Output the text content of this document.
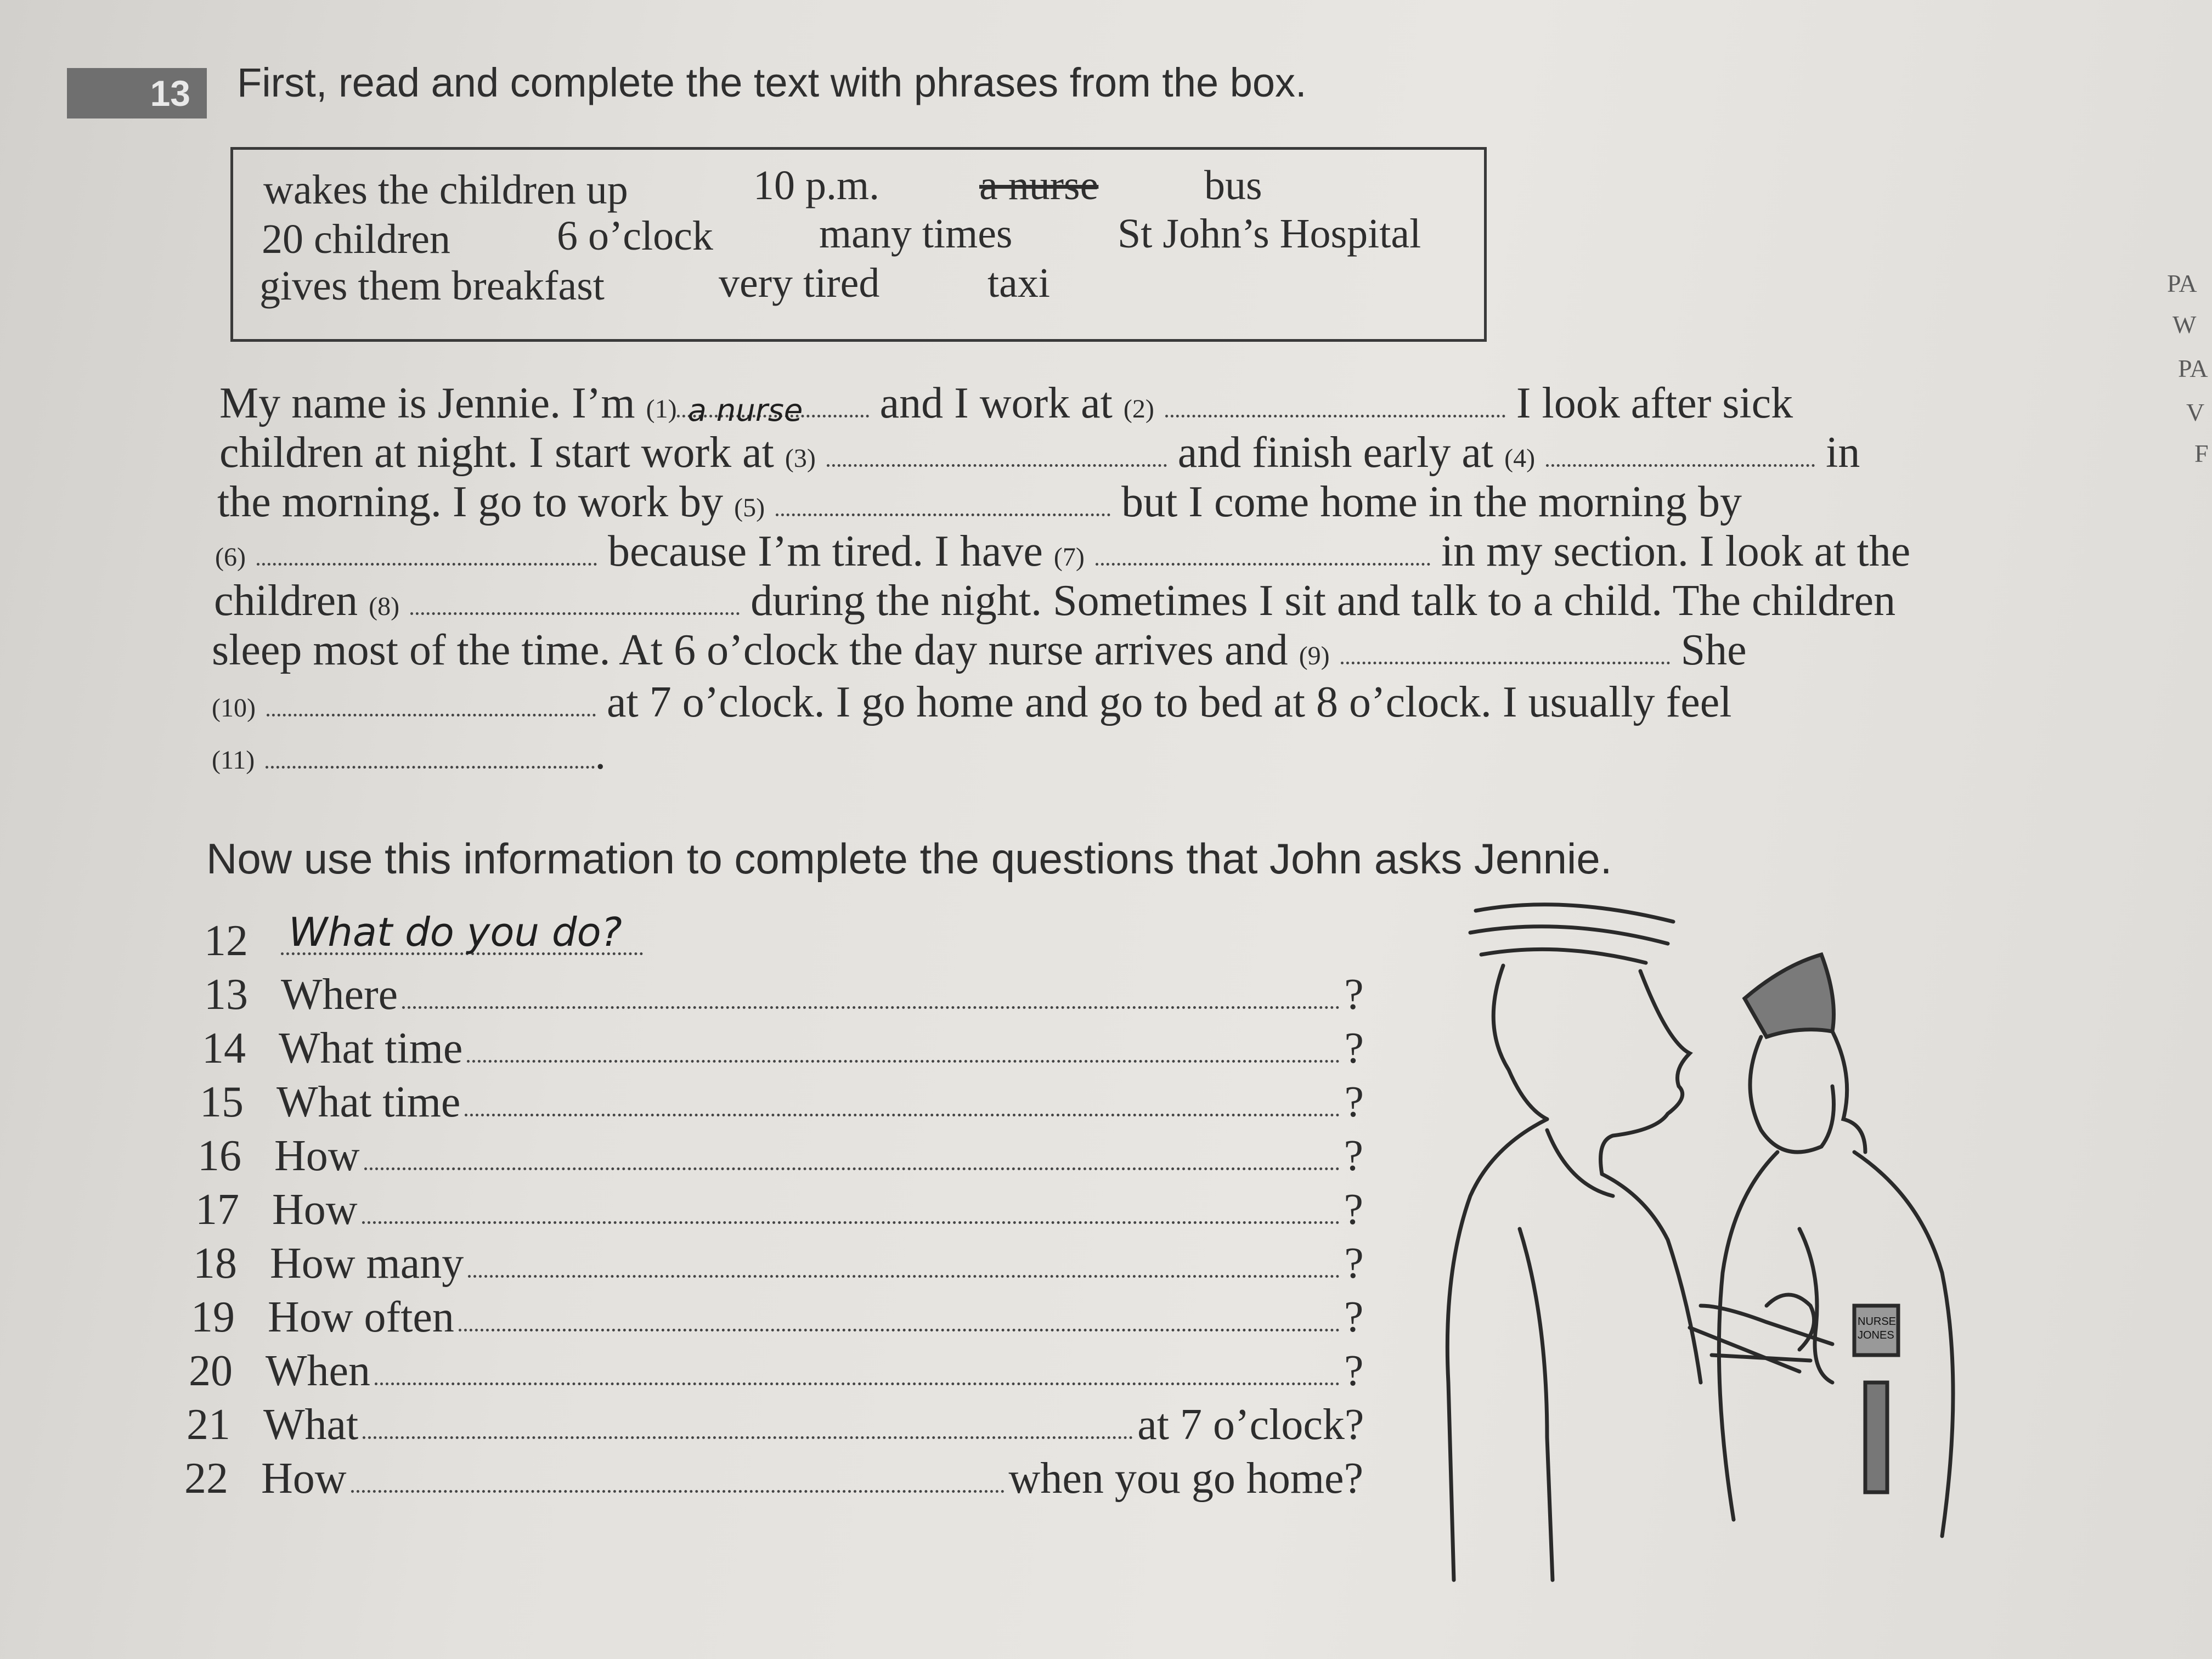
13 First, read and complete the text with phrases from the box.
wakes the children up	10 p.m. a nurse	bus
20 children	6 o’clock	many times	St John’s Hospital
gives them breakfast	very tired	taxi
My name is Jennie. I’m (1) a nurse and I work at (2)	I look after sick
children at night. I start work at (3)	and finish early at (4)	in
the morning. I go to work by (5)	but I come home in the morning by
(6)	because I’m tired. I have (7)	in my section. I look at the
children (8)	during the night. Sometimes I sit and talk to a child. The children
sleep most of the time. At 6 o’clock the day nurse arrives and (9)	She
(10)	at 7 o’clock. I go home and go to bed at 8 o’clock. I usually feel
(11)	.
Now use this information to complete the questions that John asks Jennie.
12	What do you do?
13 Where	?
14 What time	?
15 What time	?
16 How	?
17 How	?
18 How many	?
19 How often	?
20 When	?
21 What	at 7 o’clock?
22 How	when you go home?
NURSE
JONES
PA
W
PA
V
F
